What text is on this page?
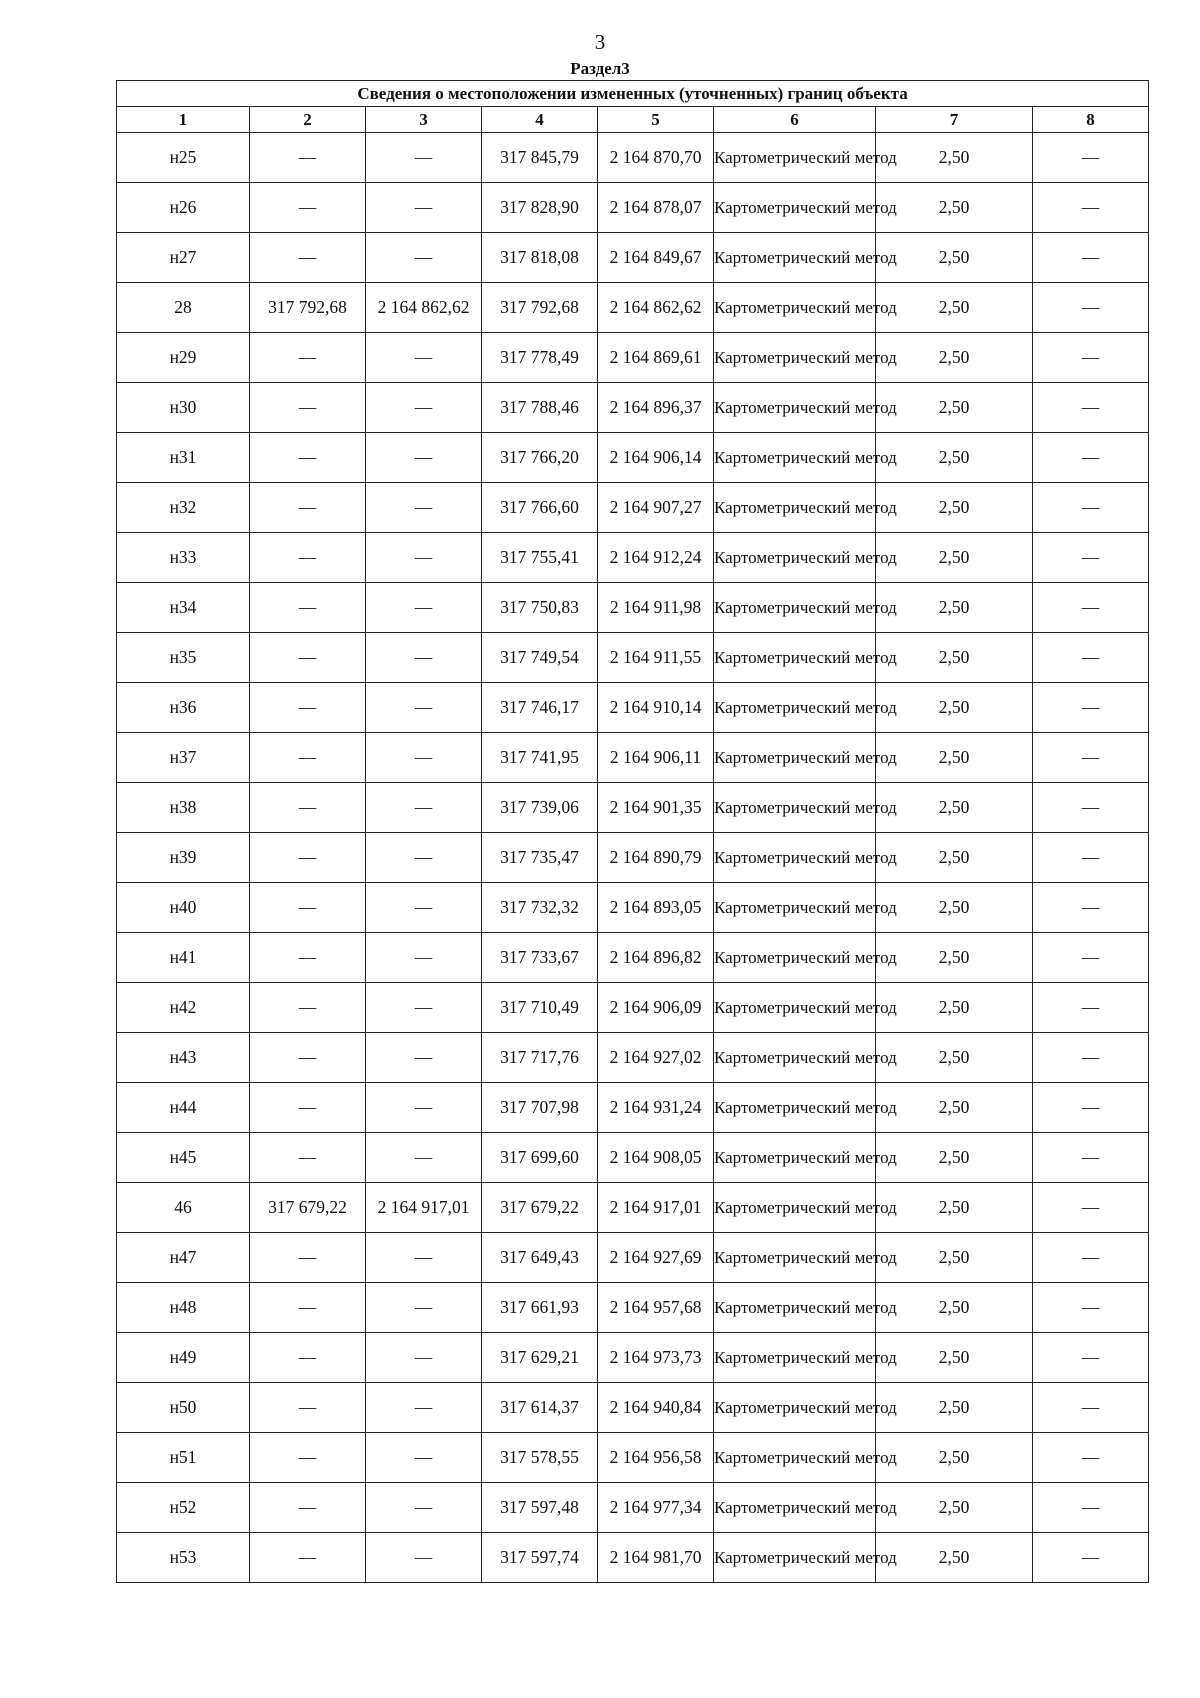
3
Раздел3
Сведения о местоположении измененных (уточненных) границ объекта							
1	2	3	4	5	6	7	8
н25	—	—	317 845,79	2 164 870,70	Картометрический метод	2,50	—
н26	—	—	317 828,90	2 164 878,07	Картометрический метод	2,50	—
н27	—	—	317 818,08	2 164 849,67	Картометрический метод	2,50	—
28	317 792,68	2 164 862,62	317 792,68	2 164 862,62	Картометрический метод	2,50	—
н29	—	—	317 778,49	2 164 869,61	Картометрический метод	2,50	—
н30	—	—	317 788,46	2 164 896,37	Картометрический метод	2,50	—
н31	—	—	317 766,20	2 164 906,14	Картометрический метод	2,50	—
н32	—	—	317 766,60	2 164 907,27	Картометрический метод	2,50	—
н33	—	—	317 755,41	2 164 912,24	Картометрический метод	2,50	—
н34	—	—	317 750,83	2 164 911,98	Картометрический метод	2,50	—
н35	—	—	317 749,54	2 164 911,55	Картометрический метод	2,50	—
н36	—	—	317 746,17	2 164 910,14	Картометрический метод	2,50	—
н37	—	—	317 741,95	2 164 906,11	Картометрический метод	2,50	—
н38	—	—	317 739,06	2 164 901,35	Картометрический метод	2,50	—
н39	—	—	317 735,47	2 164 890,79	Картометрический метод	2,50	—
н40	—	—	317 732,32	2 164 893,05	Картометрический метод	2,50	—
н41	—	—	317 733,67	2 164 896,82	Картометрический метод	2,50	—
н42	—	—	317 710,49	2 164 906,09	Картометрический метод	2,50	—
н43	—	—	317 717,76	2 164 927,02	Картометрический метод	2,50	—
н44	—	—	317 707,98	2 164 931,24	Картометрический метод	2,50	—
н45	—	—	317 699,60	2 164 908,05	Картометрический метод	2,50	—
46	317 679,22	2 164 917,01	317 679,22	2 164 917,01	Картометрический метод	2,50	—
н47	—	—	317 649,43	2 164 927,69	Картометрический метод	2,50	—
н48	—	—	317 661,93	2 164 957,68	Картометрический метод	2,50	—
н49	—	—	317 629,21	2 164 973,73	Картометрический метод	2,50	—
н50	—	—	317 614,37	2 164 940,84	Картометрический метод	2,50	—
н51	—	—	317 578,55	2 164 956,58	Картометрический метод	2,50	—
н52	—	—	317 597,48	2 164 977,34	Картометрический метод	2,50	—
н53	—	—	317 597,74	2 164 981,70	Картометрический метод	2,50	—
